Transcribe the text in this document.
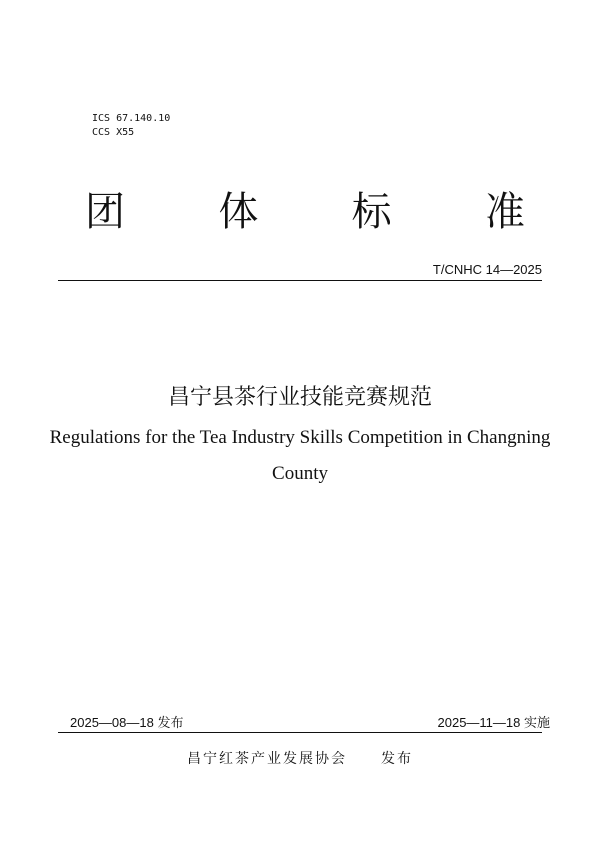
ICS 67.140.10
CCS X55
团 体 标 准
T/CNHC 14—2025
昌宁县茶行业技能竞赛规范
Regulations for the Tea Industry Skills Competition in Changning County
2025—08—18 发布	2025—11—18 实施
昌宁红茶产业发展协会 发布
